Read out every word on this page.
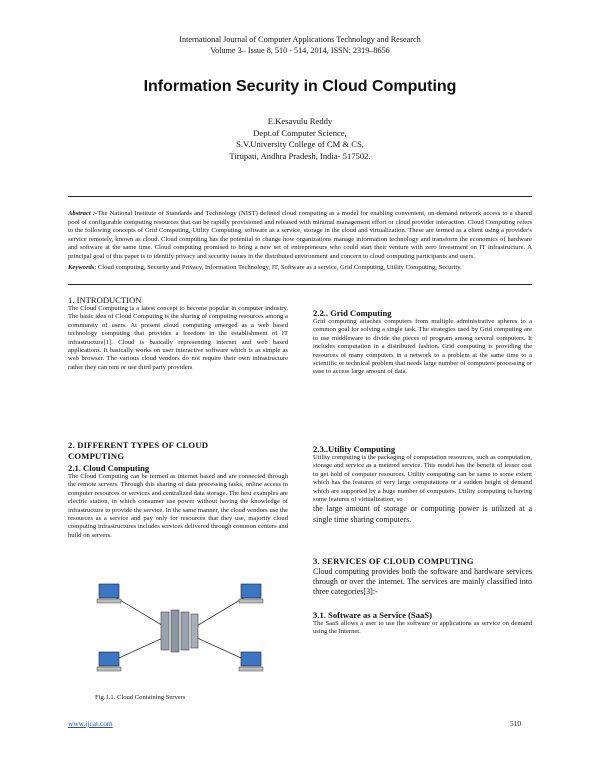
International Journal of Computer Applications Technology and Research
Volume 3– Issue 8, 510 - 514, 2014, ISSN: 2319–8656
Information Security in Cloud Computing
E.Kesavulu Reddy
Dept.of Computer Science,
S.V.University College of CM & CS,
Tirupati, Andhra Pradesh, India- 517502.
Abstract :-The National Institute of Standards and Technology (NIST) defined cloud computing as a model for enabling convenient, on-demand network access to a shared pool of configurable computing resources that can be rapidly provisioned and released with minimal management effort or cloud provider interaction. Cloud Computing refers to the following concepts of Grid Computing, Utility Computing, software as a service, storage in the cloud and virtualization. These are termed as a client using a provider's service remotely, known as cloud. Cloud computing has the potential to change how organizations manage information technology and transform the economics of hardware and software at the same time. Cloud computing promised to bring a new set of entrepreneurs who could start their venture with zero investment on IT infrastructure. A principal goal of this paper is to identify privacy and security issues in the distributed environment and concern to cloud computing participants and users.
Keywords: Cloud computing, Security and Privacy, Information Technology, IT, Software as a service, Grid Computing, Utility Computing, Security.
1. INTRODUCTION

The Cloud Computing is a latest concept to become popular in computer industry. The basic idea of Cloud Computing is the sharing of computing resources among a community of users. At present cloud computing emerged as a web based technology computing that provides a freedom in the establishment of IT infrastructure[1]. Cloud is basically representing internet and web based applications. It basically works on user interactive software which is as simple as web browser. The various cloud vendors do not require their own infrastructure rather they can rent or use third party providers

2. DIFFERENT TYPES OF CLOUD COMPUTING
2.1. Cloud Computing

The Cloud Computing can be termed as internet based and are connected through the remote servers. Through this sharing of data processing tasks, online access to computer resources or services and centralized data storage. The best examples are electric station, in which consumer use power without having the knowledge of infrastructure to provide the service. In the same manner, the cloud vendors use the resources as a service and pay only for resources that they use, majority cloud computing infrastructures includes services delivered through common centers and build on servers.

Fig.1.1. Cloud Containing Servers
2.2.. Grid Computing

Grid computing attaches computers from multiple administrative spheres to a common goal for solving a single task. The strategies used by Grid computing are to use middleware to divide the pieces of program among several computers. It includes computation in a distributed fashion. Grid computing is providing the resources of many computers in a network to a problem at the same time to a scientific or technical problem that needs large number of computers processing or ease to access large amount of data.

2.3..Utility Computing

Utility computing is the packaging of computation resources, such as computation, storage and service as a metered service. This model has the benefit of lesser cost to get hold of computer resources. Utility computing can be same to some extent which has the features of very large computations or a sudden height of demand which are supported by a huge number of computers. Utility computing is having some features of virtualization, so

the large amount of storage or computing power is utilized at a single time sharing computers.

3. SERVICES OF CLOUD COMPUTING

Cloud computing provides both the software and hardware services through or over the internet. The services are mainly classified into three categories[3]:-

3.1. Software as a Service (SaaS)

The SaaS allows a user to use the software or applications as service on demand using the Internet.

www.ijcat.com	510
